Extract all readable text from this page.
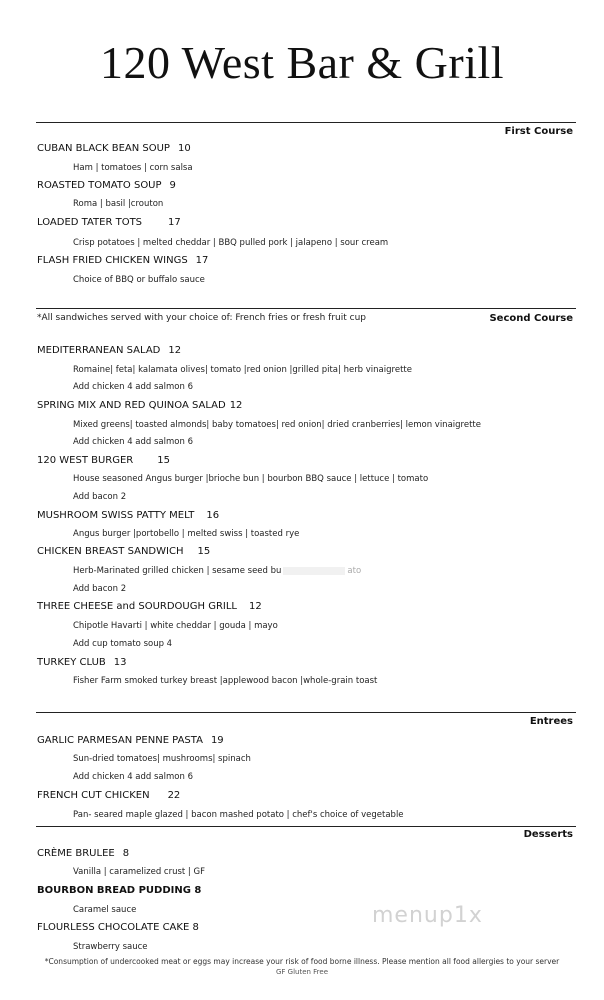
120 West Bar & Grill
First Course
CUBAN BLACK BEAN SOUP 10
Ham | tomatoes | corn salsa
ROASTED TOMATO SOUP 9
Roma | basil |crouton
LOADED TATER TOTS	17
Crisp potatoes | melted cheddar | BBQ pulled pork | jalapeno | sour cream
FLASH FRIED CHICKEN WINGS 17
Choice of BBQ or buffalo sauce
*All sandwiches served with your choice of: French fries or fresh fruit cup	Second Course
MEDITERRANEAN SALAD 12
Romaine| feta| kalamata olives| tomato |red onion |grilled pita| herb vinaigrette
Add chicken 4 add salmon 6
SPRING MIX AND RED QUINOA SALAD 12
Mixed greens| toasted almonds| baby tomatoes| red onion| dried cranberries| lemon vinaigrette
Add chicken 4 add salmon 6
120 WEST BURGER 15
House seasoned Angus burger |brioche bun | bourbon BBQ sauce | lettuce | tomato
Add bacon 2
MUSHROOM SWISS PATTY MELT 16
Angus burger |portobello | melted swiss | toasted rye
CHICKEN BREAST SANDWICH 15
Herb-Marinated grilled chicken | sesame seed bu	ato
Add bacon 2
THREE CHEESE and SOURDOUGH GRILL 12
Chipotle Havarti | white cheddar | gouda | mayo
Add cup tomato soup 4
TURKEY CLUB 13
Fisher Farm smoked turkey breast |applewood bacon |whole-grain toast
Entrees
GARLIC PARMESAN PENNE PASTA 19
Sun-dried tomatoes| mushrooms| spinach
Add chicken 4 add salmon 6
FRENCH CUT CHICKEN 22
Pan- seared maple glazed | bacon mashed potato | chef's choice of vegetable
Desserts
CRÈME BRULEE 8
Vanilla | caramelized crust | GF
BOURBON BREAD PUDDING 8
Caramel sauce
FLOURLESS CHOCOLATE CAKE 8
Strawberry sauce
menup1x
*Consumption of undercooked meat or eggs may increase your risk of food borne illness. Please mention all food allergies to your server
GF Gluten Free
